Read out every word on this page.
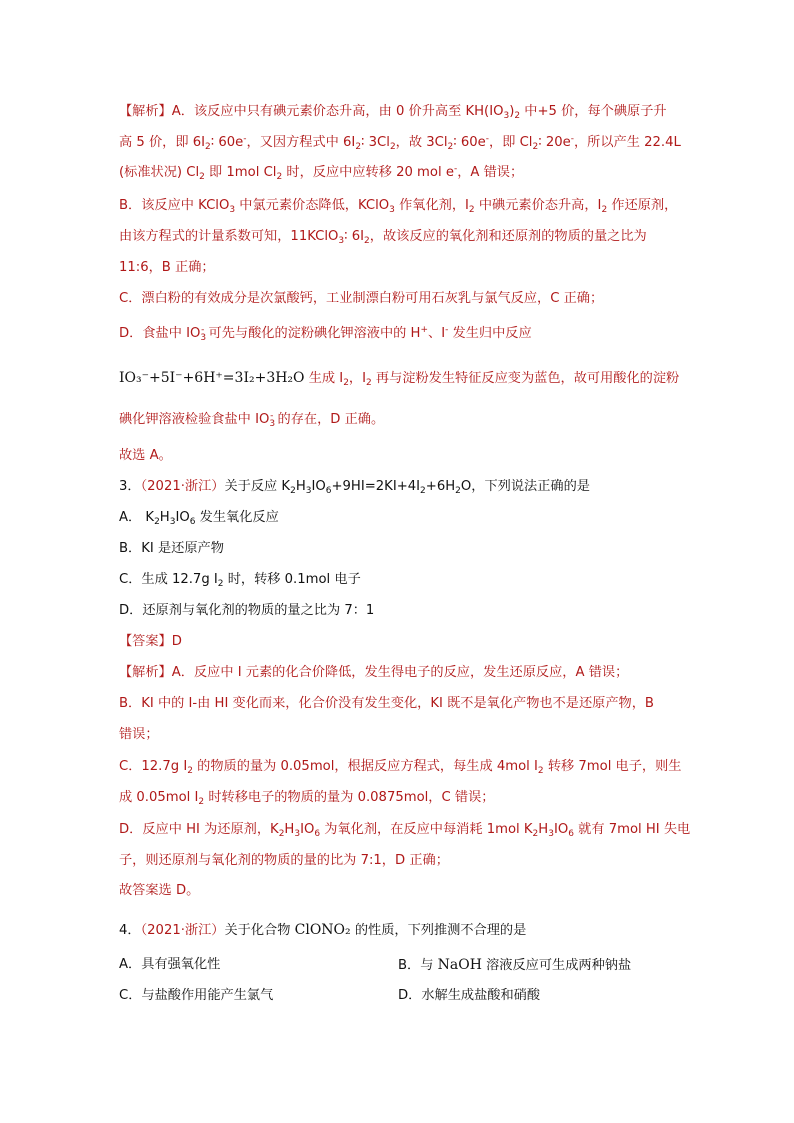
【解析】A．该反应中只有碘元素价态升高，由 0 价升高至 $KH(IO_3)_2$ 中+5 价，每个碘原子升
高 5 价，即 $6I_2∶$ 60e-，又因方程式中 $6I_2∶$ $3Cl_2$，故 $3Cl_2∶$ 60e-，即 $Cl_2∶$ 20e-，所以产生 22.4L
(标准状况) $Cl_2$ 即 1mol $Cl_2$ 时，反应中应转移 20 mol e-，A 错误；
B．该反应中 KClO$_3$ 中氯元素价态降低，KClO$_3$ 作氧化剂，$I_2$ 中碘元素价态升高，$I_2$ 作还原剂，
由该方程式的计量系数可知，11KClO$_3$∶ $6I_2$，故该反应的氧化剂和还原剂的物质的量之比为
11:6，B 正确；
C．漂白粉的有效成分是次氯酸钙，工业制漂白粉可用石灰乳与氯气反应，C 正确；
D．食盐中 $IO_3^-$ 可先与酸化的淀粉碘化钾溶液中的 H+、I- 发生归中反应
IO₃⁻+5I⁻+6H⁺=3I₂+3H₂O 生成 $I_2$，$I_2$ 再与淀粉发生特征反应变为蓝色，故可用酸化的淀粉
碘化钾溶液检验食盐中 $IO_3^-$ 的存在，D 正确。
故选 A。
3．（2021·浙江）关于反应 $K_2H_3IO_6+9HI=2KI+4I_2+6H_2O$，下列说法正确的是
A． $K_2H_3IO_6$ 发生氧化反应
B．KI 是还原产物
C．生成 12.7g $I_2$ 时，转移 0.1mol 电子
D．还原剂与氧化剂的物质的量之比为 7：1
【答案】D
【解析】A．反应中 I 元素的化合价降低，发生得电子的反应，发生还原反应，A 错误；
B．KI 中的 I-由 HI 变化而来，化合价没有发生变化，KI 既不是氧化产物也不是还原产物，B
错误；
C．12.7g $I_2$ 的物质的量为 0.05mol，根据反应方程式，每生成 4mol $I_2$ 转移 7mol 电子，则生
成 0.05mol $I_2$ 时转移电子的物质的量为 0.0875mol，C 错误；
D．反应中 HI 为还原剂，$K_2H_3IO_6$ 为氧化剂，在反应中每消耗 1mol $K_2H_3IO_6$ 就有 7mol HI 失电
子，则还原剂与氧化剂的物质的量的比为 7:1，D 正确；
故答案选 D。
4．（2021·浙江）关于化合物 ClONO₂ 的性质，下列推测不合理的是
A．具有强氧化性	B．与 NaOH 溶液反应可生成两种钠盐
C．与盐酸作用能产生氯气	D．水解生成盐酸和硝酸
